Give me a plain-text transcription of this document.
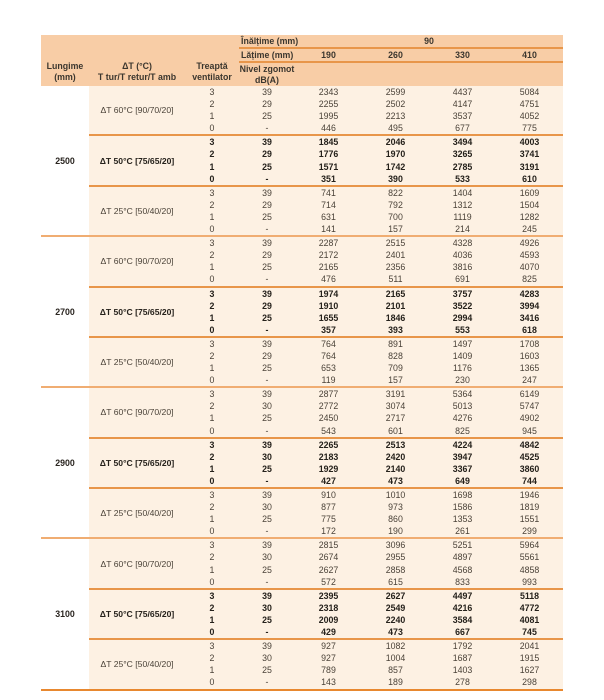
Lungime
(mm)
ΔT (°C)
T tur/T retur/T amb
Treaptă
ventilator
Înălțime (mm)	90
Lățime (mm)	190	260	330	410
Nivel zgomot
dB(A)
2500
ΔT 60°C [90/70/20]
3	39	2343	2599	4437	5084
2	29	2255	2502	4147	4751
1	25	1995	2213	3537	4052
0	-	446	495	677	775
ΔT 50°C [75/65/20]
3	39	1845	2046	3494	4003
2	29	1776	1970	3265	3741
1	25	1571	1742	2785	3191
0	-	351	390	533	610
ΔT 25°C [50/40/20]
3	39	741	822	1404	1609
2	29	714	792	1312	1504
1	25	631	700	1119	1282
0	-	141	157	214	245
2700
ΔT 60°C [90/70/20]
3	39	2287	2515	4328	4926
2	29	2172	2401	4036	4593
1	25	2165	2356	3816	4070
0	-	476	511	691	825
ΔT 50°C [75/65/20]
3	39	1974	2165	3757	4283
2	29	1910	2101	3522	3994
1	25	1655	1846	2994	3416
0	-	357	393	553	618
ΔT 25°C [50/40/20]
3	39	764	891	1497	1708
2	29	764	828	1409	1603
1	25	653	709	1176	1365
0	-	119	157	230	247
2900
ΔT 60°C [90/70/20]
3	39	2877	3191	5364	6149
2	30	2772	3074	5013	5747
1	25	2450	2717	4276	4902
0	-	543	601	825	945
ΔT 50°C [75/65/20]
3	39	2265	2513	4224	4842
2	30	2183	2420	3947	4525
1	25	1929	2140	3367	3860
0	-	427	473	649	744
ΔT 25°C [50/40/20]
3	39	910	1010	1698	1946
2	30	877	973	1586	1819
1	25	775	860	1353	1551
0	-	172	190	261	299
3100
ΔT 60°C [90/70/20]
3	39	2815	3096	5251	5964
2	30	2674	2955	4897	5561
1	25	2627	2858	4568	4858
0	-	572	615	833	993
ΔT 50°C [75/65/20]
3	39	2395	2627	4497	5118
2	30	2318	2549	4216	4772
1	25	2009	2240	3584	4081
0	-	429	473	667	745
ΔT 25°C [50/40/20]
3	39	927	1082	1792	2041
2	30	927	1004	1687	1915
1	25	789	857	1403	1627
0	-	143	189	278	298
